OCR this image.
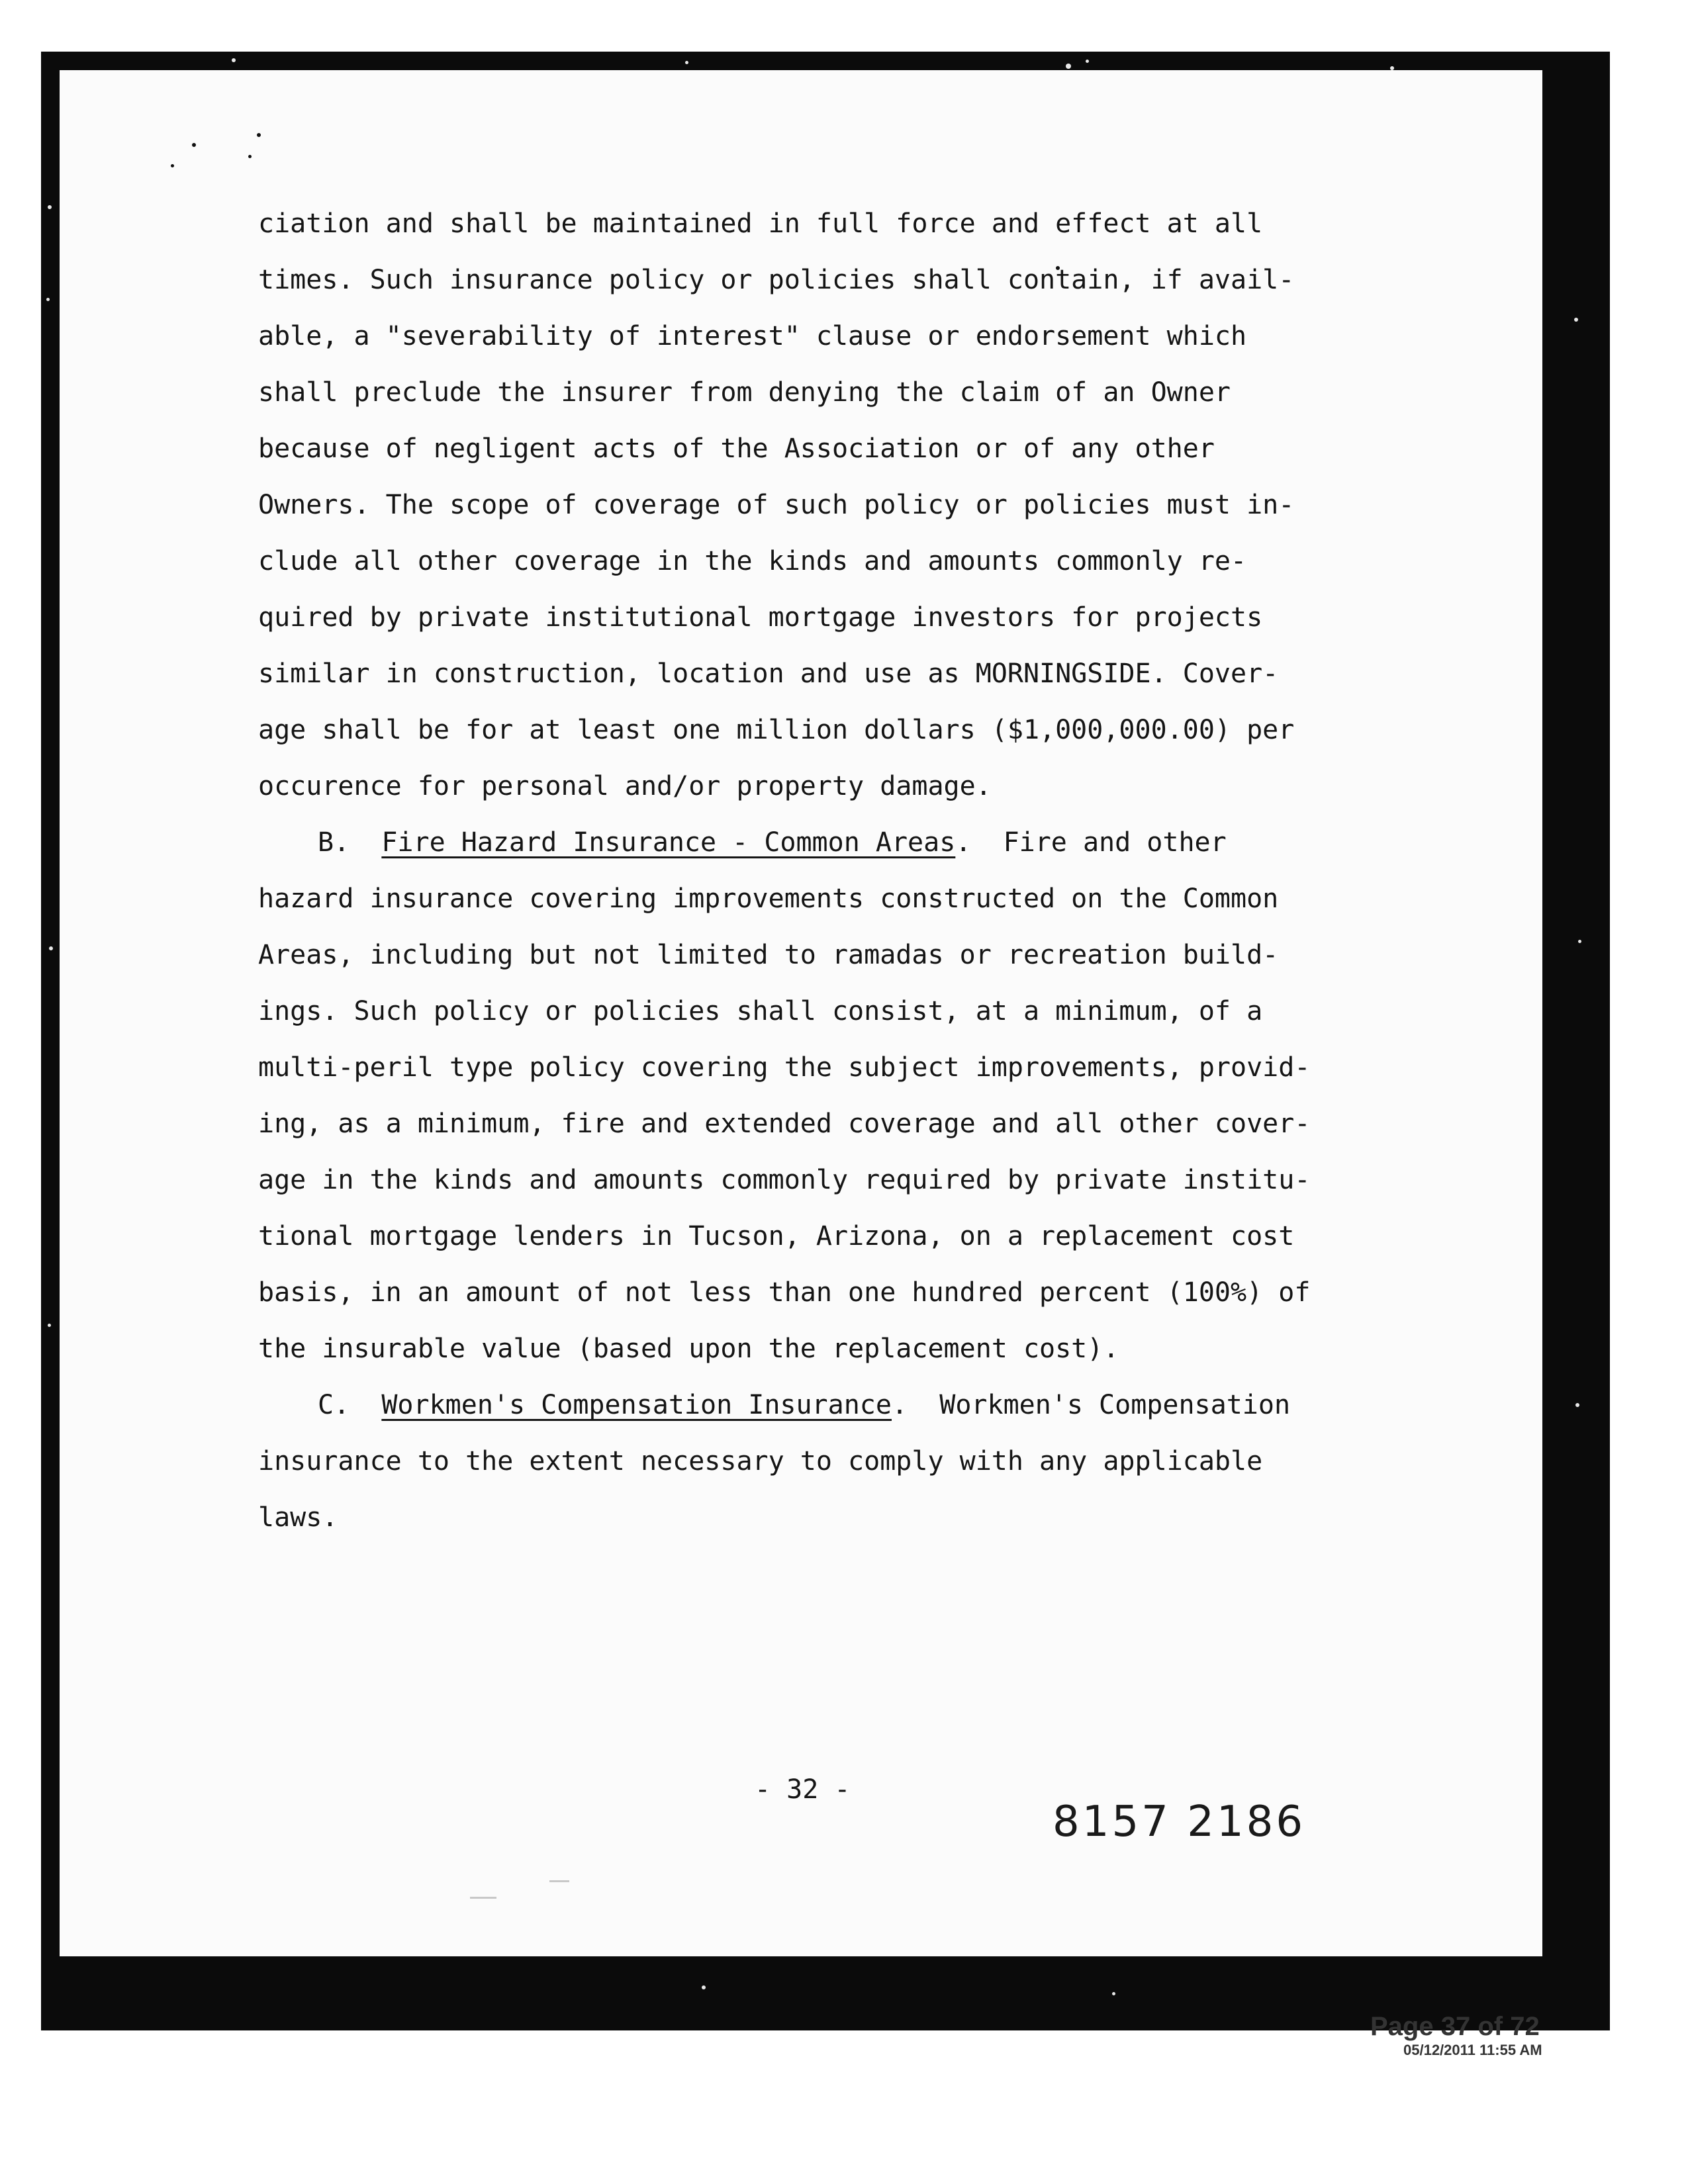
ciation and shall be maintained in full force and effect at all
times. Such insurance policy or policies shall contain, if avail-
able, a "severability of interest" clause or endorsement which
shall preclude the insurer from denying the claim of an Owner
because of negligent acts of the Association or of any other
Owners. The scope of coverage of such policy or policies must in-
clude all other coverage in the kinds and amounts commonly re-
quired by private institutional mortgage investors for projects
similar in construction, location and use as MORNINGSIDE. Cover-
age shall be for at least one million dollars ($1,000,000.00) per
occurence for personal and/or property damage.
B. Fire Hazard Insurance - Common Areas. Fire and other
hazard insurance covering improvements constructed on the Common
Areas, including but not limited to ramadas or recreation build-
ings. Such policy or policies shall consist, at a minimum, of a
multi-peril type policy covering the subject improvements, provid-
ing, as a minimum, fire and extended coverage and all other cover-
age in the kinds and amounts commonly required by private institu-
tional mortgage lenders in Tucson, Arizona, on a replacement cost
basis, in an amount of not less than one hundred percent (100%) of
the insurable value (based upon the replacement cost).
C. Workmen's Compensation Insurance. Workmen's Compensation
insurance to the extent necessary to comply with any applicable
laws.
- 32 -
8157 2186
Page 37 of 72
05/12/2011 11:55 AM
